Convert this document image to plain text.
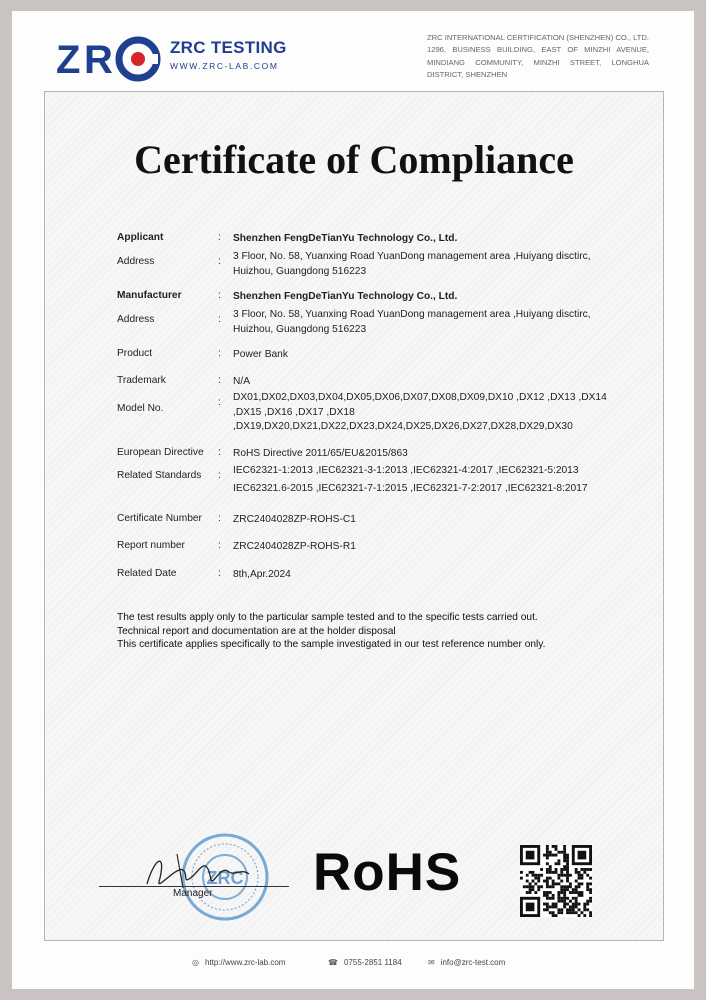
Z R	ZRC TESTING
WWW.ZRC-LAB.COM
ZRC INTERNATIONAL CERTIFICATION (SHENZHEN) CO., LTD.
1296, BUSINESS BUILDING, EAST OF MINZHI AVENUE,
MINDIANG COMMUNITY, MINZHI STREET, LONGHUA
DISTRICT, SHENZHEN
Certificate of Compliance
Applicant	: Shenzhen FengDeTianYu Technology Co., Ltd.
Address	: 3 Floor, No. 58, Yuanxing Road YuanDong management area ,Huiyang disctirc, Huizhou, Guangdong 516223
Manufacturer	: Shenzhen FengDeTianYu Technology Co., Ltd.
Address	: 3 Floor, No. 58, Yuanxing Road YuanDong management area ,Huiyang disctirc, Huizhou, Guangdong 516223
Product	: Power Bank
Trademark	: N/A
Model No.
: DX01,DX02,DX03,DX04,DX05,DX06,DX07,DX08,DX09,DX10 ,DX12 ,DX13 ,DX14 ,DX15 ,DX16 ,DX17 ,DX18 ,DX19,DX20,DX21,DX22,DX23,DX24,DX25,DX26,DX27,DX28,DX29,DX30
European Directive : RoHS Directive 2011/65/EU&2015/863
Related Standards : IEC62321-1:2013 ,IEC62321-3-1:2013 ,IEC62321-4:2017 ,IEC62321-5:2013 IEC62321.6-2015 ,IEC62321-7-1:2015 ,IEC62321-7-2:2017 ,IEC62321-8:2017
Certificate Number : ZRC2404028ZP-ROHS-C1
Report number	: ZRC2404028ZP-ROHS-R1
Related Date	: 8th,Apr.2024
The test results apply only to the particular sample tested and to the specific tests carried out.
Technical report and documentation are at the holder disposal
This certificate applies specifically to the sample investigated in our test reference number only.
ZRC
Manager RoHS
◎ http://www.zrc-lab.com	☎ 0755-2851 1184	✉ info@zrc-test.com
